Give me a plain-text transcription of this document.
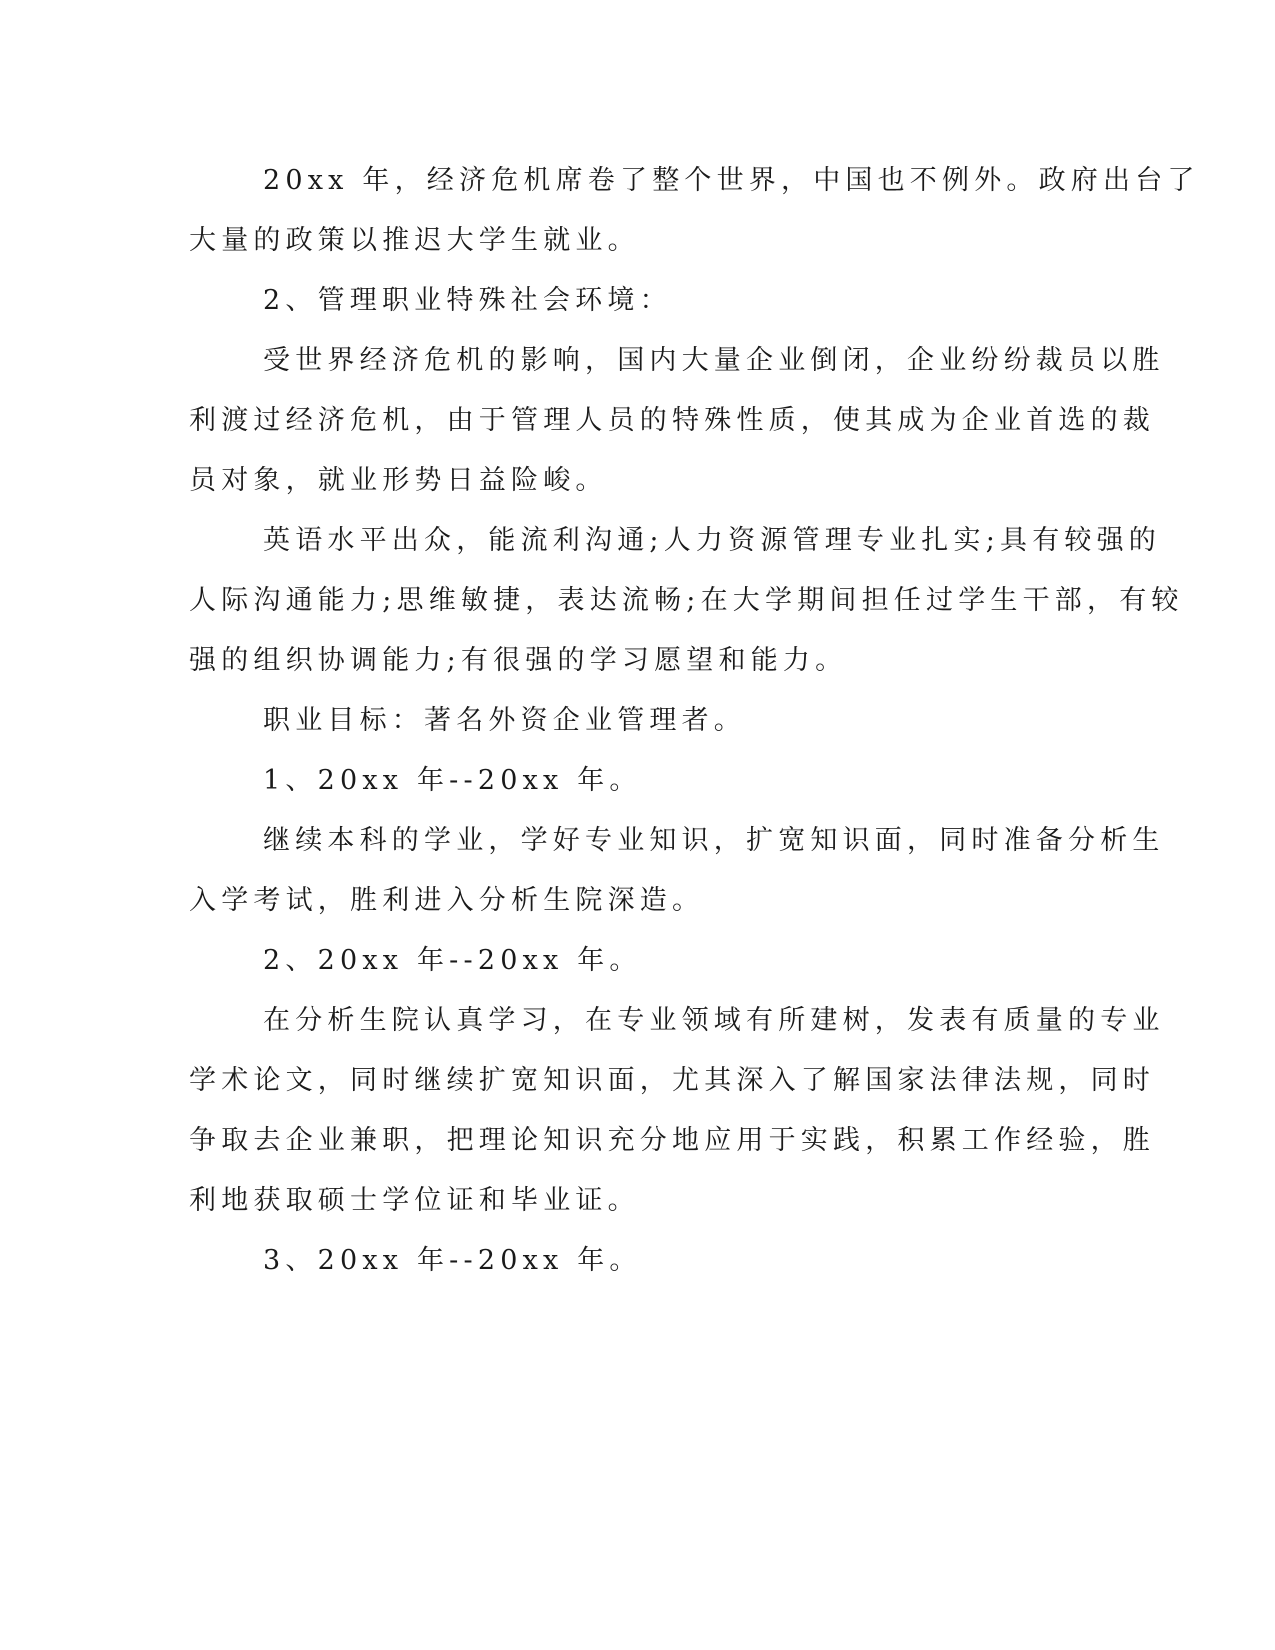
20xx 年，经济危机席卷了整个世界，中国也不例外。政府出台了
大量的政策以推迟大学生就业。
2、管理职业特殊社会环境：
受世界经济危机的影响，国内大量企业倒闭，企业纷纷裁员以胜
利渡过经济危机，由于管理人员的特殊性质，使其成为企业首选的裁
员对象，就业形势日益险峻。
英语水平出众，能流利沟通;人力资源管理专业扎实;具有较强的
人际沟通能力;思维敏捷，表达流畅;在大学期间担任过学生干部，有较
强的组织协调能力;有很强的学习愿望和能力。
职业目标：著名外资企业管理者。
1、20xx 年--20xx 年。
继续本科的学业，学好专业知识，扩宽知识面，同时准备分析生
入学考试，胜利进入分析生院深造。
2、20xx 年--20xx 年。
在分析生院认真学习，在专业领域有所建树，发表有质量的专业
学术论文，同时继续扩宽知识面，尤其深入了解国家法律法规，同时
争取去企业兼职，把理论知识充分地应用于实践，积累工作经验，胜
利地获取硕士学位证和毕业证。
3、20xx 年--20xx 年。
